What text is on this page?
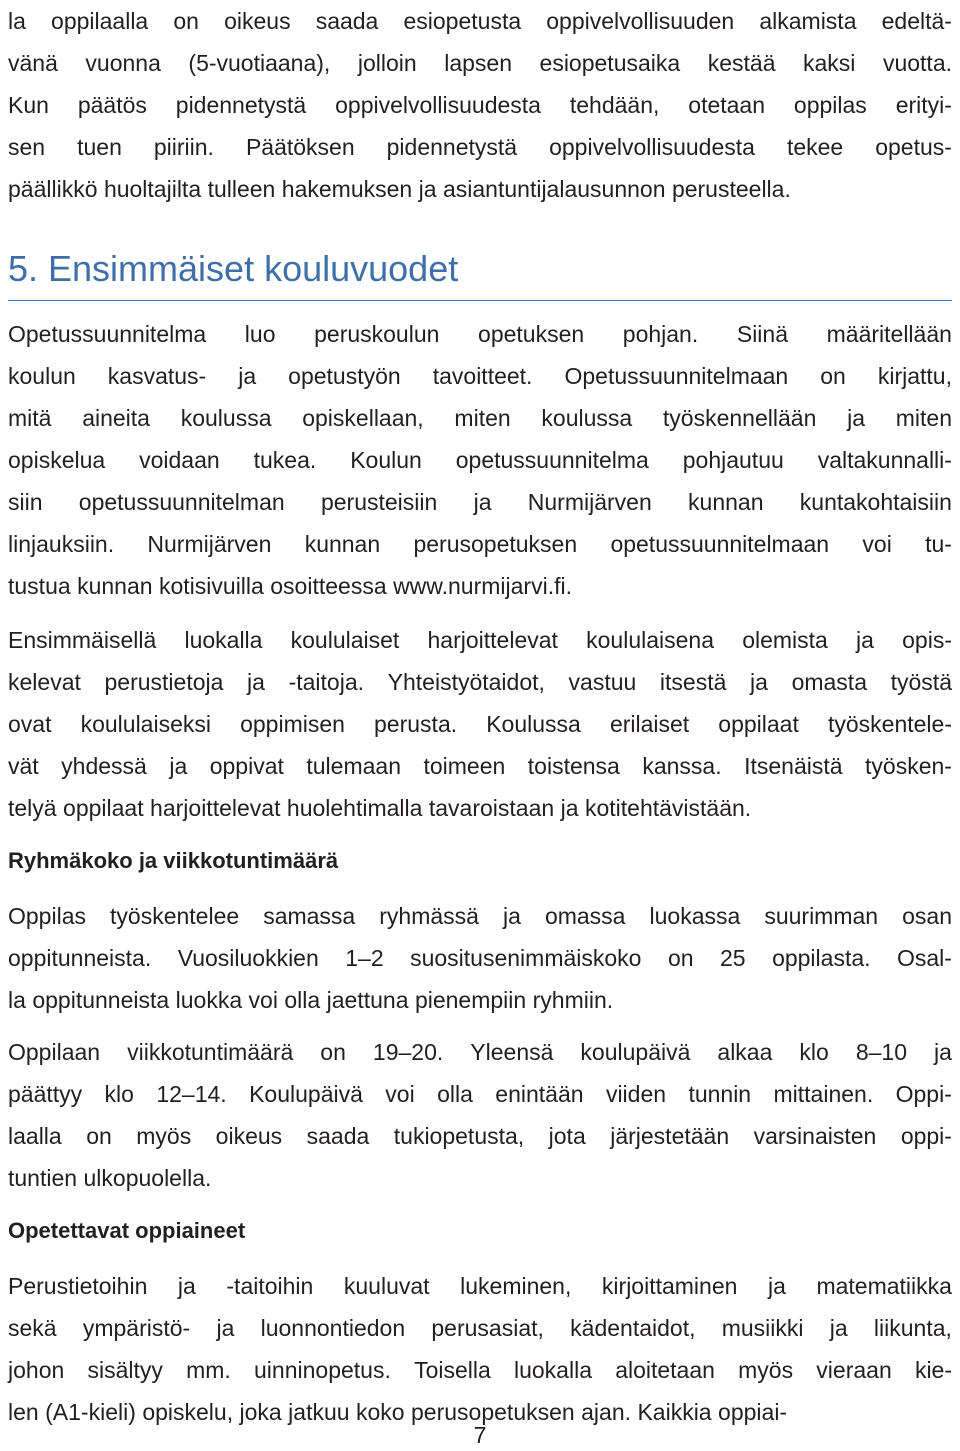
la oppilaalla on oikeus saada esiopetusta oppivelvollisuuden alkamista edeltä-
vänä vuonna (5-vuotiaana), jolloin lapsen esiopetusaika kestää kaksi vuotta.
Kun päätös pidennetystä oppivelvollisuudesta tehdään, otetaan oppilas erityi-
sen tuen piiriin. Päätöksen pidennetystä oppivelvollisuudesta tekee opetus-
päällikkö huoltajilta tulleen hakemuksen ja asiantuntijalausunnon perusteella.
5. Ensimmäiset kouluvuodet
Opetussuunnitelma luo peruskoulun opetuksen pohjan. Siinä määritellään
koulun kasvatus- ja opetustyön tavoitteet. Opetussuunnitelmaan on kirjattu,
mitä aineita koulussa opiskellaan, miten koulussa työskennellään ja miten
opiskelua voidaan tukea. Koulun opetussuunnitelma pohjautuu valtakunnalli-
siin opetussuunnitelman perusteisiin ja Nurmijärven kunnan kuntakohtaisiin
linjauksiin. Nurmijärven kunnan perusopetuksen opetussuunnitelmaan voi tu-
tustua kunnan kotisivuilla osoitteessa www.nurmijarvi.fi.
Ensimmäisellä luokalla koululaiset harjoittelevat koululaisena olemista ja opis-
kelevat perustietoja ja -taitoja. Yhteistyötaidot, vastuu itsestä ja omasta työstä
ovat koululaiseksi oppimisen perusta. Koulussa erilaiset oppilaat työskentele-
vät yhdessä ja oppivat tulemaan toimeen toistensa kanssa. Itsenäistä työsken-
telyä oppilaat harjoittelevat huolehtimalla tavaroistaan ja kotitehtävistään.
Ryhmäkoko ja viikkotuntimäärä
Oppilas työskentelee samassa ryhmässä ja omassa luokassa suurimman osan
oppitunneista. Vuosiluokkien 1–2 suositusenimmäiskoko on 25 oppilasta. Osal-
la oppitunneista luokka voi olla jaettuna pienempiin ryhmiin.
Oppilaan viikkotuntimäärä on 19–20. Yleensä koulupäivä alkaa klo 8–10 ja
päättyy klo 12–14. Koulupäivä voi olla enintään viiden tunnin mittainen. Oppi-
laalla on myös oikeus saada tukiopetusta, jota järjestetään varsinaisten oppi-
tuntien ulkopuolella.
Opetettavat oppiaineet
Perustietoihin ja -taitoihin kuuluvat lukeminen, kirjoittaminen ja matematiikka
sekä ympäristö- ja luonnontiedon perusasiat, kädentaidot, musiikki ja liikunta,
johon sisältyy mm. uinninopetus. Toisella luokalla aloitetaan myös vieraan kie-
len (A1-kieli) opiskelu, joka jatkuu koko perusopetuksen ajan. Kaikkia oppiai-
7
